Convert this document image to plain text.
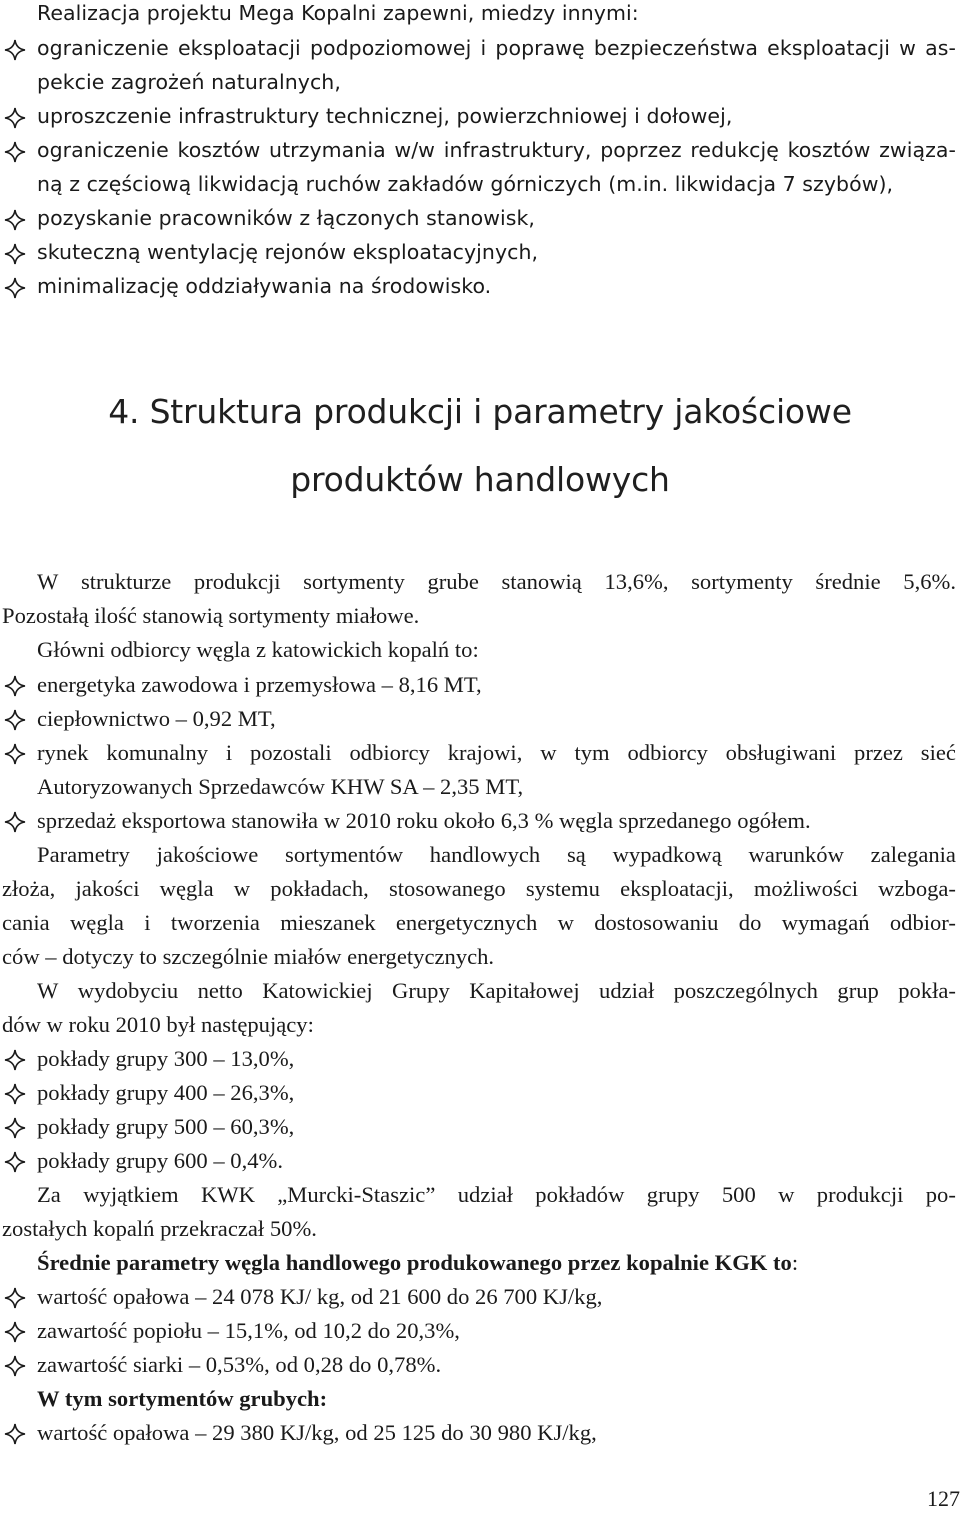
Realizacja projektu Mega Kopalni zapewni, miedzy innymi:
ograniczenie eksploatacji podpoziomowej i poprawę bezpieczeństwa eksploatacji w as-
pekcie zagrożeń naturalnych,
uproszczenie infrastruktury technicznej, powierzchniowej i dołowej,
ograniczenie kosztów utrzymania w/w infrastruktury, poprzez redukcję kosztów związa-
ną z częściową likwidacją ruchów zakładów górniczych (m.in. likwidacja 7 szybów),
pozyskanie pracowników z łączonych stanowisk,
skuteczną wentylację rejonów eksploatacyjnych,
minimalizację oddziaływania na środowisko.
4. Struktura produkcji i parametry jakościowe
produktów handlowych
W strukturze produkcji sortymenty grube stanowią 13,6%, sortymenty średnie 5,6%.
Pozostałą ilość stanowią sortymenty miałowe.
Główni odbiorcy węgla z katowickich kopalń to:
energetyka zawodowa i przemysłowa – 8,16 MT,
ciepłownictwo – 0,92 MT,
rynek komunalny i pozostali odbiorcy krajowi, w tym odbiorcy obsługiwani przez sieć
Autoryzowanych Sprzedawców KHW SA – 2,35 MT,
sprzedaż eksportowa stanowiła w 2010 roku około 6,3 % węgla sprzedanego ogółem.
Parametry jakościowe sortymentów handlowych są wypadkową warunków zalegania
złoża, jakości węgla w pokładach, stosowanego systemu eksploatacji, możliwości wzboga-
cania węgla i tworzenia mieszanek energetycznych w dostosowaniu do wymagań odbior-
ców – dotyczy to szczególnie miałów energetycznych.
W wydobyciu netto Katowickiej Grupy Kapitałowej udział poszczególnych grup pokła-
dów w roku 2010 był następujący:
pokłady grupy 300 – 13,0%,
pokłady grupy 400 – 26,3%,
pokłady grupy 500 – 60,3%,
pokłady grupy 600 – 0,4%.
Za wyjątkiem KWK „Murcki-Staszic” udział pokładów grupy 500 w produkcji po-
zostałych kopalń przekraczał 50%.
Średnie parametry węgla handlowego produkowanego przez kopalnie KGK to:
wartość opałowa – 24 078 KJ/ kg, od 21 600 do 26 700 KJ/kg,
zawartość popiołu – 15,1%, od 10,2 do 20,3%,
zawartość siarki – 0,53%, od 0,28 do 0,78%.
W tym sortymentów grubych:
wartość opałowa – 29 380 KJ/kg, od 25 125 do 30 980 KJ/kg,
127
